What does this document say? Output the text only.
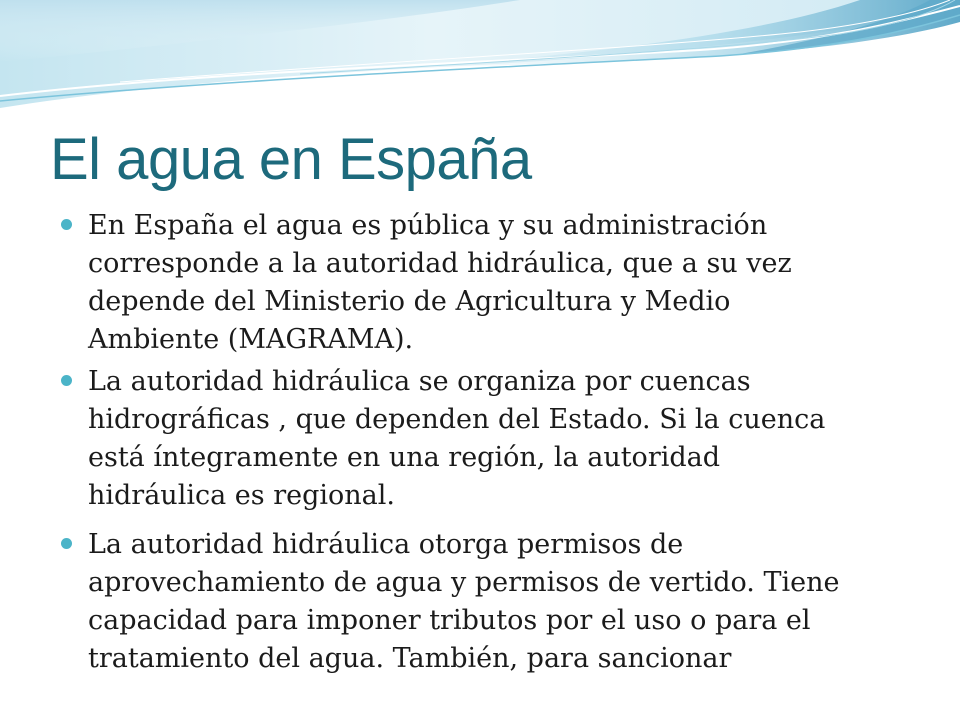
El agua en España
En España el agua es pública y su administración
corresponde a la autoridad hidráulica, que a su vez
depende del Ministerio de Agricultura y Medio
Ambiente (MAGRAMA).
La autoridad hidráulica se organiza por cuencas
hidrográficas , que dependen del Estado. Si la cuenca
está íntegramente en una región, la autoridad
hidráulica es regional.
La autoridad hidráulica otorga permisos de
aprovechamiento de agua y permisos de vertido. Tiene
capacidad para imponer tributos por el uso o para el
tratamiento del agua. También, para sancionar
